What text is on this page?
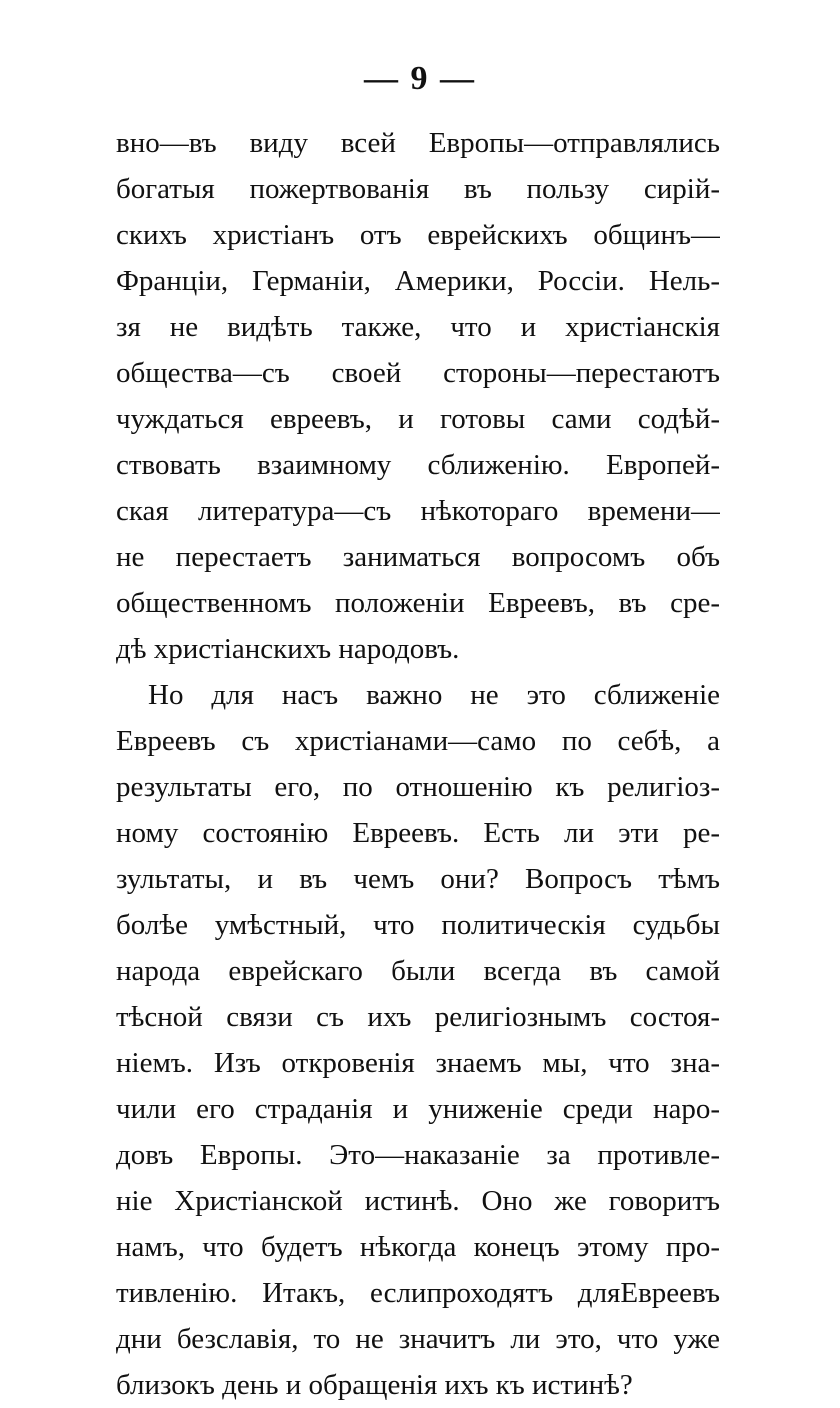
— 9 —
вно—въ виду всей Европы—отправлялись
богатыя пожертвованія въ пользу сирій-
скихъ христіанъ отъ еврейскихъ общинъ—
Франціи, Германіи, Америки, Россіи. Нель-
зя не видѣть также, что и христіанскія
общества—съ своей стороны—перестаютъ
чуждаться евреевъ, и готовы сами содѣй-
ствовать взаимному сближенію. Европей-
ская литература—съ нѣкотораго времени—
не перестаетъ заниматься вопросомъ объ
общественномъ положеніи Евреевъ, въ сре-
дѣ христіанскихъ народовъ.
Но для насъ важно не это сближеніе
Евреевъ съ христіанами—само по себѣ, а
результаты его, по отношенію къ религіоз-
ному состоянію Евреевъ. Есть ли эти ре-
зультаты, и въ чемъ они? Вопросъ тѣмъ
болѣе умѣстный, что политическія судьбы
народа еврейскаго были всегда въ самой
тѣсной связи съ ихъ религіознымъ состоя-
ніемъ. Изъ откровенія знаемъ мы, что зна-
чили его страданія и униженіе среди наро-
довъ Европы. Это—наказаніе за противле-
ніе Христіанской истинѣ. Оно же говоритъ
намъ, что будетъ нѣкогда конецъ этому про-
тивленію. Итакъ, еслипроходятъ дляЕвреевъ
дни безславія, то не значитъ ли это, что уже
близокъ день и обращенія ихъ къ истинѣ?
